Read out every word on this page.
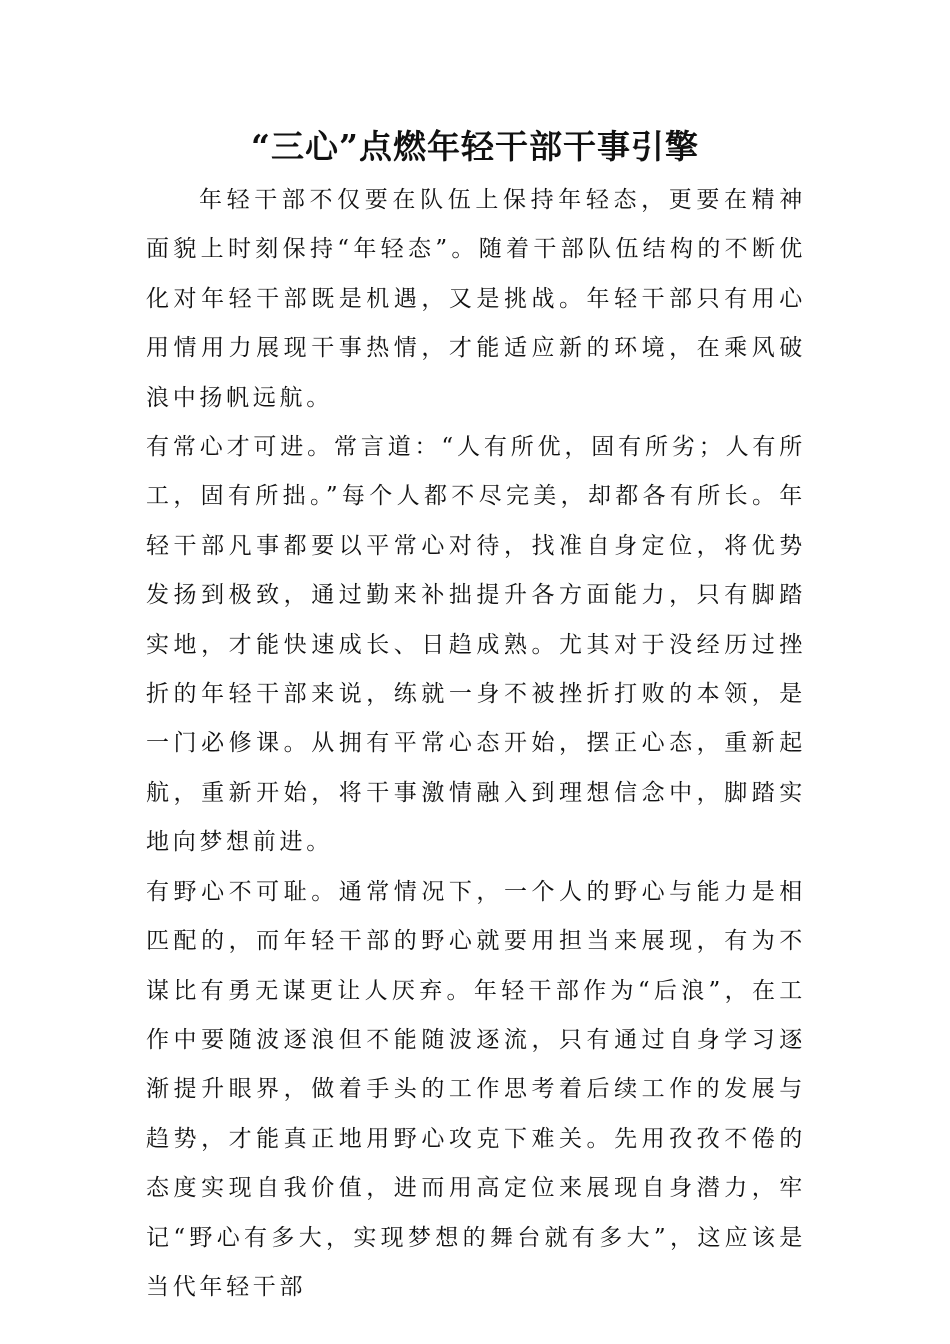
“三心”点燃年轻干部干事引擎

年轻干部不仅要在队伍上保持年轻态，更要在精神面貌上时刻保持“年轻态”。随着干部队伍结构的不断优化对年轻干部既是机遇，又是挑战。年轻干部只有用心用情用力展现干事热情，才能适应新的环境，在乘风破浪中扬帆远航。

有常心才可进。常言道：“人有所优，固有所劣；人有所工，固有所拙。”每个人都不尽完美，却都各有所长。年轻干部凡事都要以平常心对待，找准自身定位，将优势发扬到极致，通过勤来补拙提升各方面能力，只有脚踏实地，才能快速成长、日趋成熟。尤其对于没经历过挫折的年轻干部来说，练就一身不被挫折打败的本领，是一门必修课。从拥有平常心态开始，摆正心态，重新起航，重新开始，将干事激情融入到理想信念中，脚踏实地向梦想前进。

有野心不可耻。通常情况下，一个人的野心与能力是相匹配的，而年轻干部的野心就要用担当来展现，有为不谋比有勇无谋更让人厌弃。年轻干部作为“后浪”，在工作中要随波逐浪但不能随波逐流，只有通过自身学习逐渐提升眼界，做着手头的工作思考着后续工作的发展与趋势，才能真正地用野心攻克下难关。先用孜孜不倦的态度实现自我价值，进而用高定位来展现自身潜力，牢记“野心有多大，实现梦想的舞台就有多大”，这应该是当代年轻干部
